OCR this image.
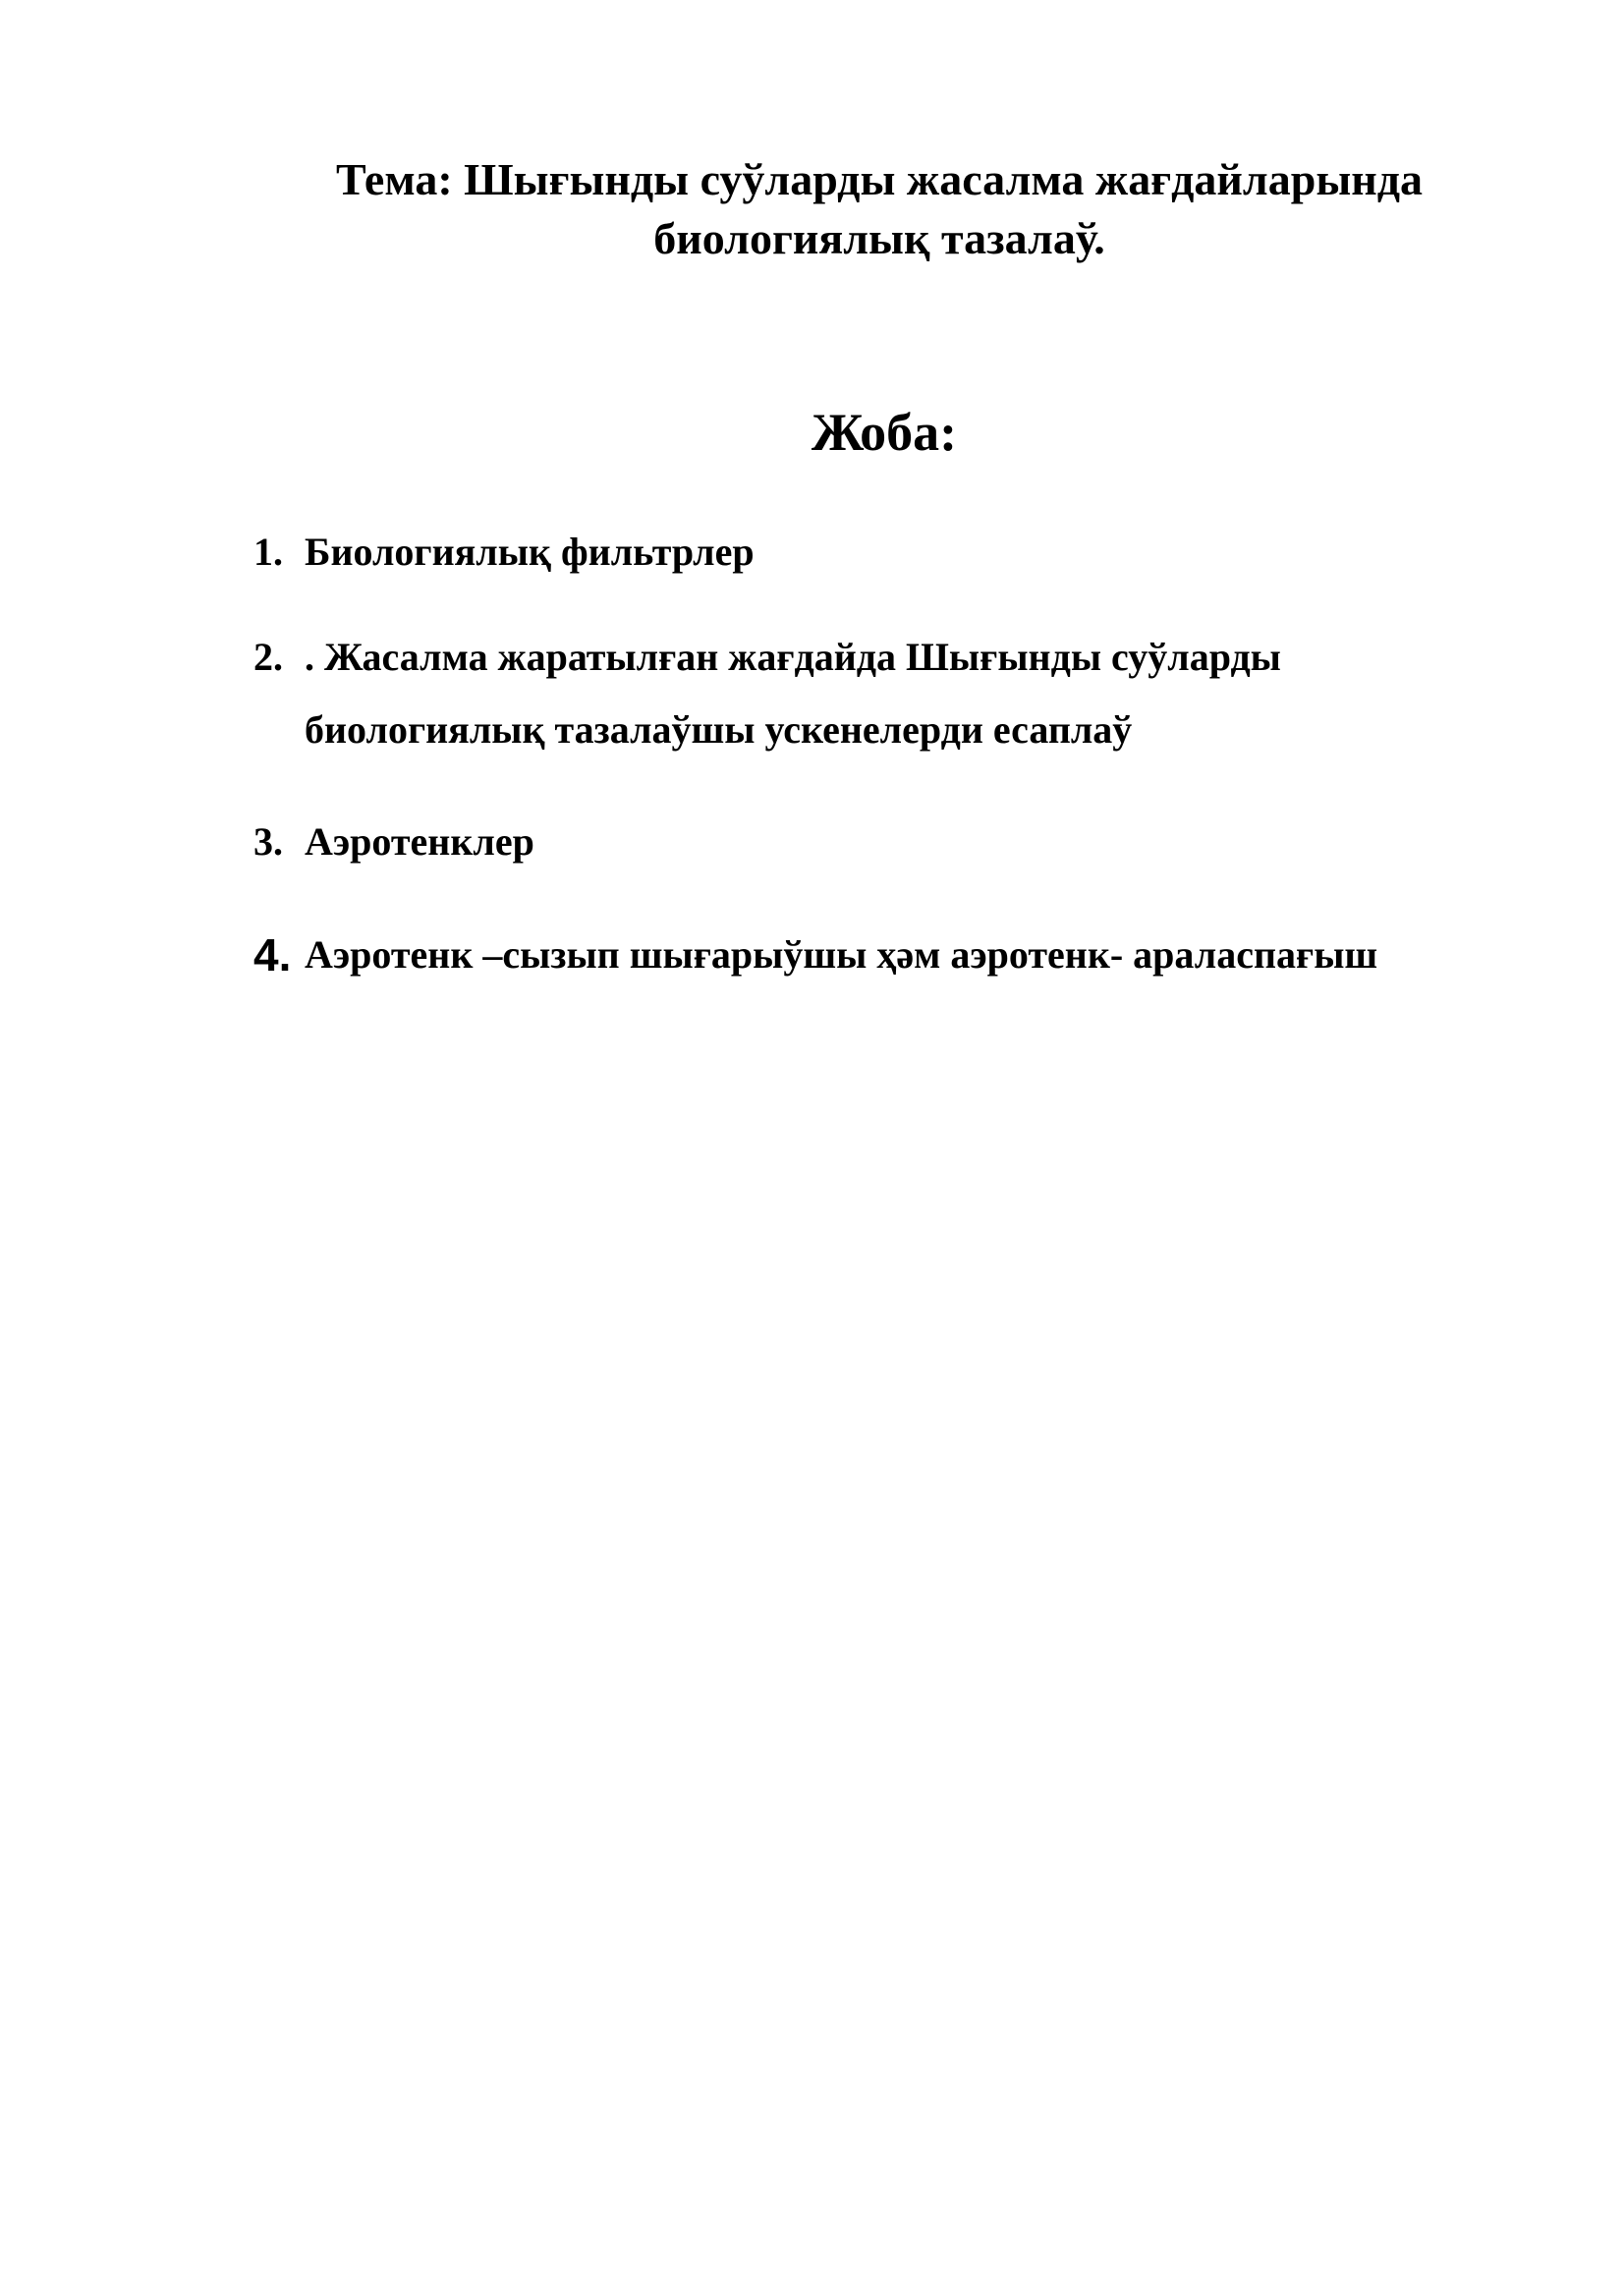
Тема: Шығынды суўларды жасалма жағдайларында
биологиялық тазалаў.
Жоба:
1. Биологиялық фильтрлер
2. . Жасалма жаратылған жағдайда Шығынды суўларды
биологиялық тазалаўшы ускенелерди есаплаў
3. Аэротенклер
4. Аэротенк –сызып шығарыўшы ҳәм аэротенк- араласпағыш
